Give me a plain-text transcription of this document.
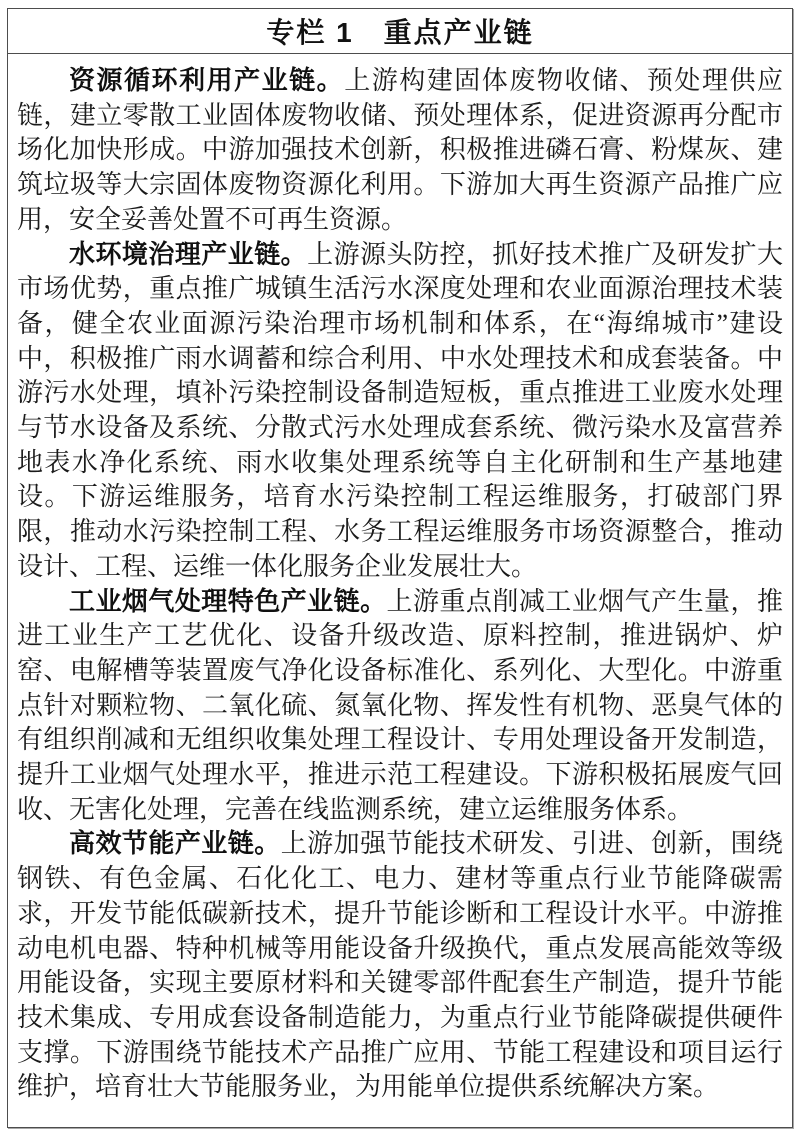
专栏 1　重点产业链

资源循环利用产业链。上游构建固体废物收储、预处理供应链，建立零散工业固体废物收储、预处理体系，促进资源再分配市场化加快形成。中游加强技术创新，积极推进磷石膏、粉煤灰、建筑垃圾等大宗固体废物资源化利用。下游加大再生资源产品推广应用，安全妥善处置不可再生资源。

水环境治理产业链。上游源头防控，抓好技术推广及研发扩大市场优势，重点推广城镇生活污水深度处理和农业面源治理技术装备，健全农业面源污染治理市场机制和体系，在“海绵城市”建设中，积极推广雨水调蓄和综合利用、中水处理技术和成套装备。中游污水处理，填补污染控制设备制造短板，重点推进工业废水处理与节水设备及系统、分散式污水处理成套系统、微污染水及富营养地表水净化系统、雨水收集处理系统等自主化研制和生产基地建设。下游运维服务，培育水污染控制工程运维服务，打破部门界限，推动水污染控制工程、水务工程运维服务市场资源整合，推动设计、工程、运维一体化服务企业发展壮大。

工业烟气处理特色产业链。上游重点削减工业烟气产生量，推进工业生产工艺优化、设备升级改造、原料控制，推进锅炉、炉窑、电解槽等装置废气净化设备标准化、系列化、大型化。中游重点针对颗粒物、二氧化硫、氮氧化物、挥发性有机物、恶臭气体的有组织削减和无组织收集处理工程设计、专用处理设备开发制造，提升工业烟气处理水平，推进示范工程建设。下游积极拓展废气回收、无害化处理，完善在线监测系统，建立运维服务体系。

高效节能产业链。上游加强节能技术研发、引进、创新，围绕钢铁、有色金属、石化化工、电力、建材等重点行业节能降碳需求，开发节能低碳新技术，提升节能诊断和工程设计水平。中游推动电机电器、特种机械等用能设备升级换代，重点发展高能效等级用能设备，实现主要原材料和关键零部件配套生产制造，提升节能技术集成、专用成套设备制造能力，为重点行业节能降碳提供硬件支撑。下游围绕节能技术产品推广应用、节能工程建设和项目运行维护，培育壮大节能服务业，为用能单位提供系统解决方案。
